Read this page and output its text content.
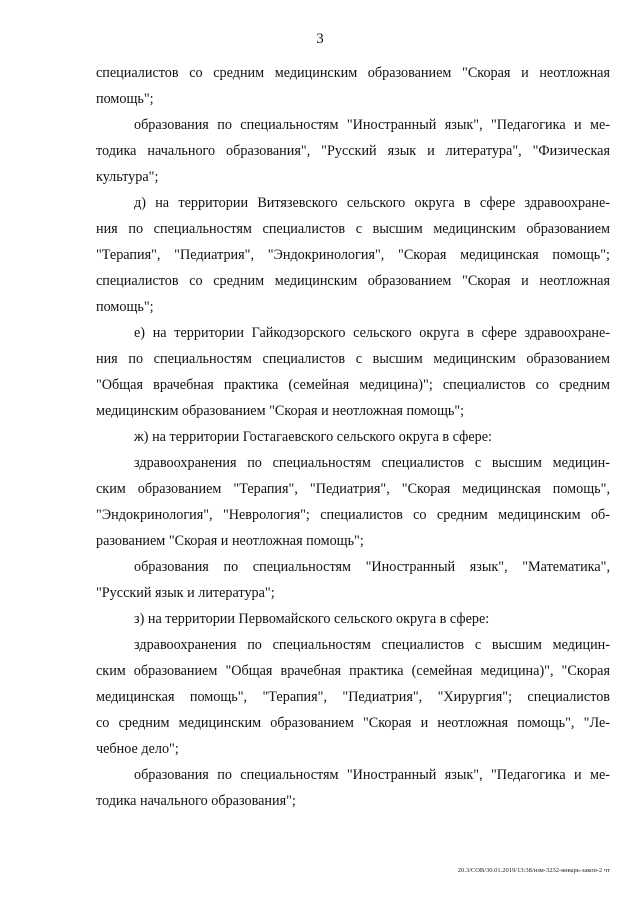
3
специалистов со средним медицинским образованием "Скорая и неотложная
помощь";
образования по специальностям "Иностранный язык", "Педагогика и ме-
тодика начального образования", "Русский язык и литература", "Физическая
культура";
д) на территории Витязевского сельского округа в сфере здравоохране-
ния по специальностям специалистов с высшим медицинским образованием
"Терапия", "Педиатрия", "Эндокринология", "Скорая медицинская помощь";
специалистов со средним медицинским образованием "Скорая и неотложная
помощь";
е) на территории Гайкодзорского сельского округа в сфере здравоохране-
ния по специальностям специалистов с высшим медицинским образованием
"Общая врачебная практика (семейная медицина)"; специалистов со средним
медицинским образованием "Скорая и неотложная помощь";
ж) на территории Гостагаевского сельского округа в сфере:
здравоохранения по специальностям специалистов с высшим медицин-
ским образованием "Терапия", "Педиатрия", "Скорая медицинская помощь",
"Эндокринология", "Неврология"; специалистов со средним медицинским об-
разованием "Скорая и неотложная помощь";
образования по специальностям "Иностранный язык", "Математика",
"Русский язык и литература";
з) на территории Первомайского сельского округа в сфере:
здравоохранения по специальностям специалистов с высшим медицин-
ским образованием "Общая врачебная практика (семейная медицина)", "Скорая
медицинская помощь", "Терапия", "Педиатрия", "Хирургия"; специалистов
со средним медицинским образованием "Скорая и неотложная помощь", "Ле-
чебное дело";
образования по специальностям "Иностранный язык", "Педагогика и ме-
тодика начального образования";
20.3/СОВ/30.01.2019/13:38/изм-3232-январь-закон-2 чт
